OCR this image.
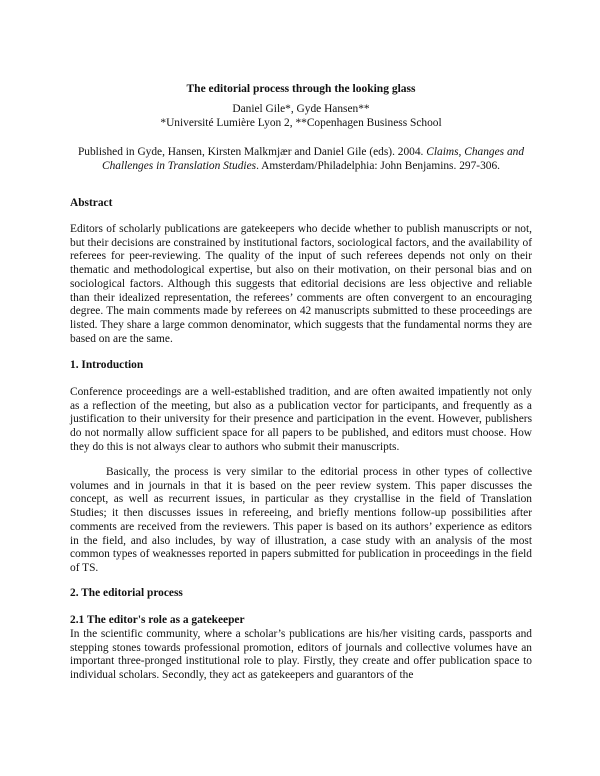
The editorial process through the looking glass
Daniel Gile*, Gyde Hansen**
*Université Lumière Lyon 2, **Copenhagen Business School
Published in Gyde, Hansen, Kirsten Malkmjær and Daniel Gile (eds). 2004. Claims, Changes and Challenges in Translation Studies. Amsterdam/Philadelphia: John Benjamins. 297-306.
Abstract
Editors of scholarly publications are gatekeepers who decide whether to publish manuscripts or not, but their decisions are constrained by institutional factors, sociological factors, and the availability of referees for peer-reviewing. The quality of the input of such referees depends not only on their thematic and methodological expertise, but also on their motivation, on their personal bias and on sociological factors. Although this suggests that editorial decisions are less objective and reliable than their idealized representation, the referees’ comments are often convergent to an encouraging degree. The main comments made by referees on 42 manuscripts submitted to these proceedings are listed. They share a large common denominator, which suggests that the fundamental norms they are based on are the same.
1. Introduction
Conference proceedings are a well-established tradition, and are often awaited impatiently not only as a reflection of the meeting, but also as a publication vector for participants, and frequently as a justification to their university for their presence and participation in the event. However, publishers do not normally allow sufficient space for all papers to be published, and editors must choose. How they do this is not always clear to authors who submit their manuscripts.
Basically, the process is very similar to the editorial process in other types of collective volumes and in journals in that it is based on the peer review system. This paper discusses the concept, as well as recurrent issues, in particular as they crystallise in the field of Translation Studies; it then discusses issues in refereeing, and briefly mentions follow-up possibilities after comments are received from the reviewers. This paper is based on its authors’ experience as editors in the field, and also includes, by way of illustration, a case study with an analysis of the most common types of weaknesses reported in papers submitted for publication in proceedings in the field of TS.
2. The editorial process
2.1 The editor's role as a gatekeeper
In the scientific community, where a scholar’s publications are his/her visiting cards, passports and stepping stones towards professional promotion, editors of journals and collective volumes have an important three-pronged institutional role to play. Firstly, they create and offer publication space to individual scholars. Secondly, they act as gatekeepers and guarantors of the
